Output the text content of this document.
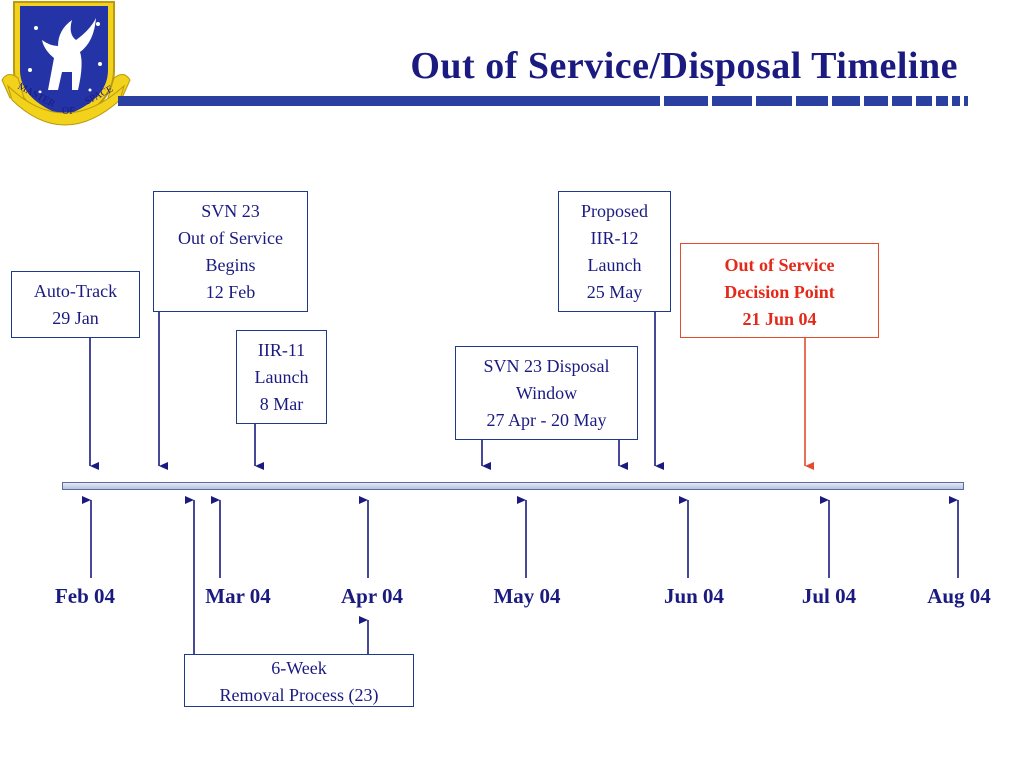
MASTER
OF
SPACE
Out of Service/Disposal Timeline
Auto-Track
29 Jan
SVN 23
Out of Service
Begins
12 Feb
IIR-11
Launch
8 Mar
SVN 23 Disposal
Window
27 Apr - 20 May
Proposed
IIR-12
Launch
25 May
Out of Service
Decision Point
21 Jun 04
6-Week
Removal Process (23)
Feb 04	Mar 04	Apr 04	May 04	Jun 04	Jul 04	Aug 04
